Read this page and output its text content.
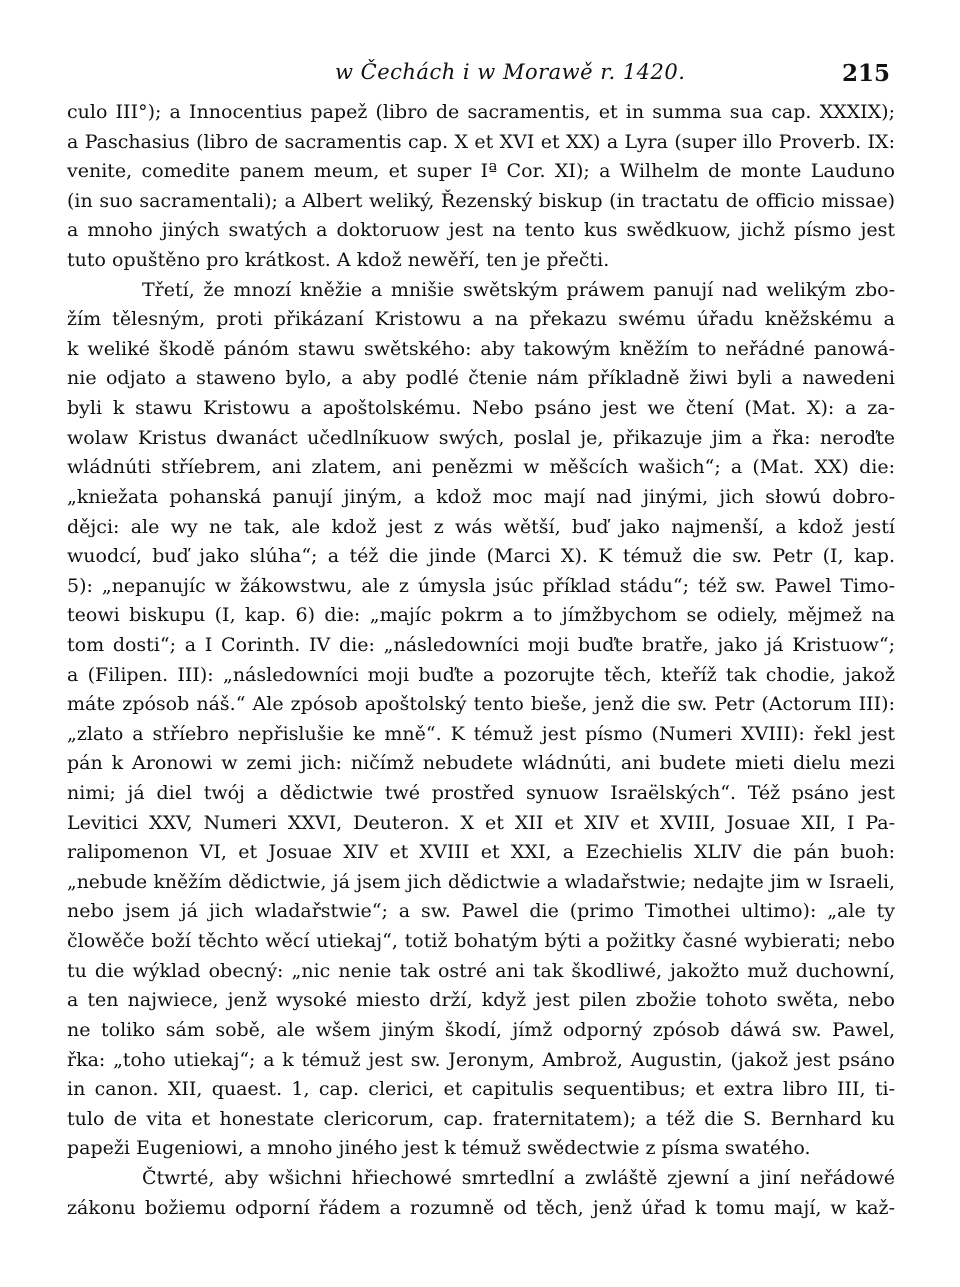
w Čechách i w Morawě r. 1420.	215
culo III°); a Innocentius papež (libro de sacramentis, et in summa sua cap. XXXIX);
a Paschasius (libro de sacramentis cap. X et XVI et XX) a Lyra (super illo Proverb. IX:
venite, comedite panem meum, et super Iª Cor. XI); a Wilhelm de monte Lauduno
(in suo sacramentali); a Albert weliký, Řezenský biskup (in tractatu de officio missae)
a mnoho jiných swatých a doktoruow jest na tento kus swědkuow, jichž písmo jest
tuto opuštěno pro krátkost. A kdož newěří, ten je přečti.
Třetí, že mnozí kněžie a mnišie swětským práwem panují nad welikým zbo-
žím tělesným, proti přikázaní Kristowu a na překazu swému úřadu kněžskému a
k weliké škodě pánóm stawu swětského: aby takowým kněžím to neřádné panowá-
nie odjato a staweno bylo, a aby podlé čtenie nám příkladně žiwi byli a nawedeni
byli k stawu Kristowu a apoštolskému. Nebo psáno jest we čtení (Mat. X): a za-
wolaw Kristus dwanáct učedlníkuow swých, poslal je, přikazuje jim a řka: neroďte
wládnúti stříebrem, ani zlatem, ani penězmi w měšcích wašich“; a (Mat. XX) die:
„kniežata pohanská panují jiným, a kdož moc mají nad jinými, jich słowú dobro-
dějci: ale wy ne tak, ale kdož jest z wás wětší, buď jako najmenší, a kdož jestí
wuodcí, buď jako slúha“; a též die jinde (Marci X). K témuž die sw. Petr (I, kap.
5): „nepanujíc w žákowstwu, ale z úmysla jsúc příklad stádu“; též sw. Pawel Timo-
teowi biskupu (I, kap. 6) die: „majíc pokrm a to jímžbychom se odiely, mějmež na
tom dosti“; a I Corinth. IV die: „následowníci moji buďte bratře, jako já Kristuow“;
a (Filipen. III): „následowníci moji buďte a pozorujte těch, kteříž tak chodie, jakož
máte zpósob náš.“ Ale zpósob apoštolský tento bieše, jenž die sw. Petr (Actorum III):
„zlato a stříebro nepřislušie ke mně“. K témuž jest písmo (Numeri XVIII): řekl jest
pán k Aronowi w zemi jich: ničímž nebudete wládnúti, ani budete mieti dielu mezi
nimi; já diel twój a dědictwie twé prostřed synuow Israëlských“. Též psáno jest
Levitici XXV, Numeri XXVI, Deuteron. X et XII et XIV et XVIII, Josuae XII, I Pa-
ralipomenon VI, et Josuae XIV et XVIII et XXI, a Ezechielis XLIV die pán buoh:
„nebude kněžím dědictwie, já jsem jich dědictwie a wladařstwie; nedajte jim w Israeli,
nebo jsem já jich wladařstwie“; a sw. Pawel die (primo Timothei ultimo): „ale ty
člowěče boží těchto wěcí utiekaj“, totiž bohatým býti a požitky časné wybierati; nebo
tu die wýklad obecný: „nic nenie tak ostré ani tak škodliwé, jakožto muž duchowní,
a ten najwiece, jenž wysoké miesto drží, když jest pilen zbožie tohoto swěta, nebo
ne toliko sám sobě, ale wšem jiným škodí, jímž odporný zpósob dáwá sw. Pawel,
řka: „toho utiekaj“; a k témuž jest sw. Jeronym, Ambrož, Augustin, (jakož jest psáno
in canon. XII, quaest. 1, cap. clerici, et capitulis sequentibus; et extra libro III, ti-
tulo de vita et honestate clericorum, cap. fraternitatem); a též die S. Bernhard ku
papeži Eugeniowi, a mnoho jiného jest k témuž swědectwie z písma swatého.
Čtwrté, aby wšichni hřiechowé smrtedlní a zwláště zjewní a jiní neřádowé
zákonu božiemu odporní řádem a rozumně od těch, jenž úřad k tomu mají, w kaž-
